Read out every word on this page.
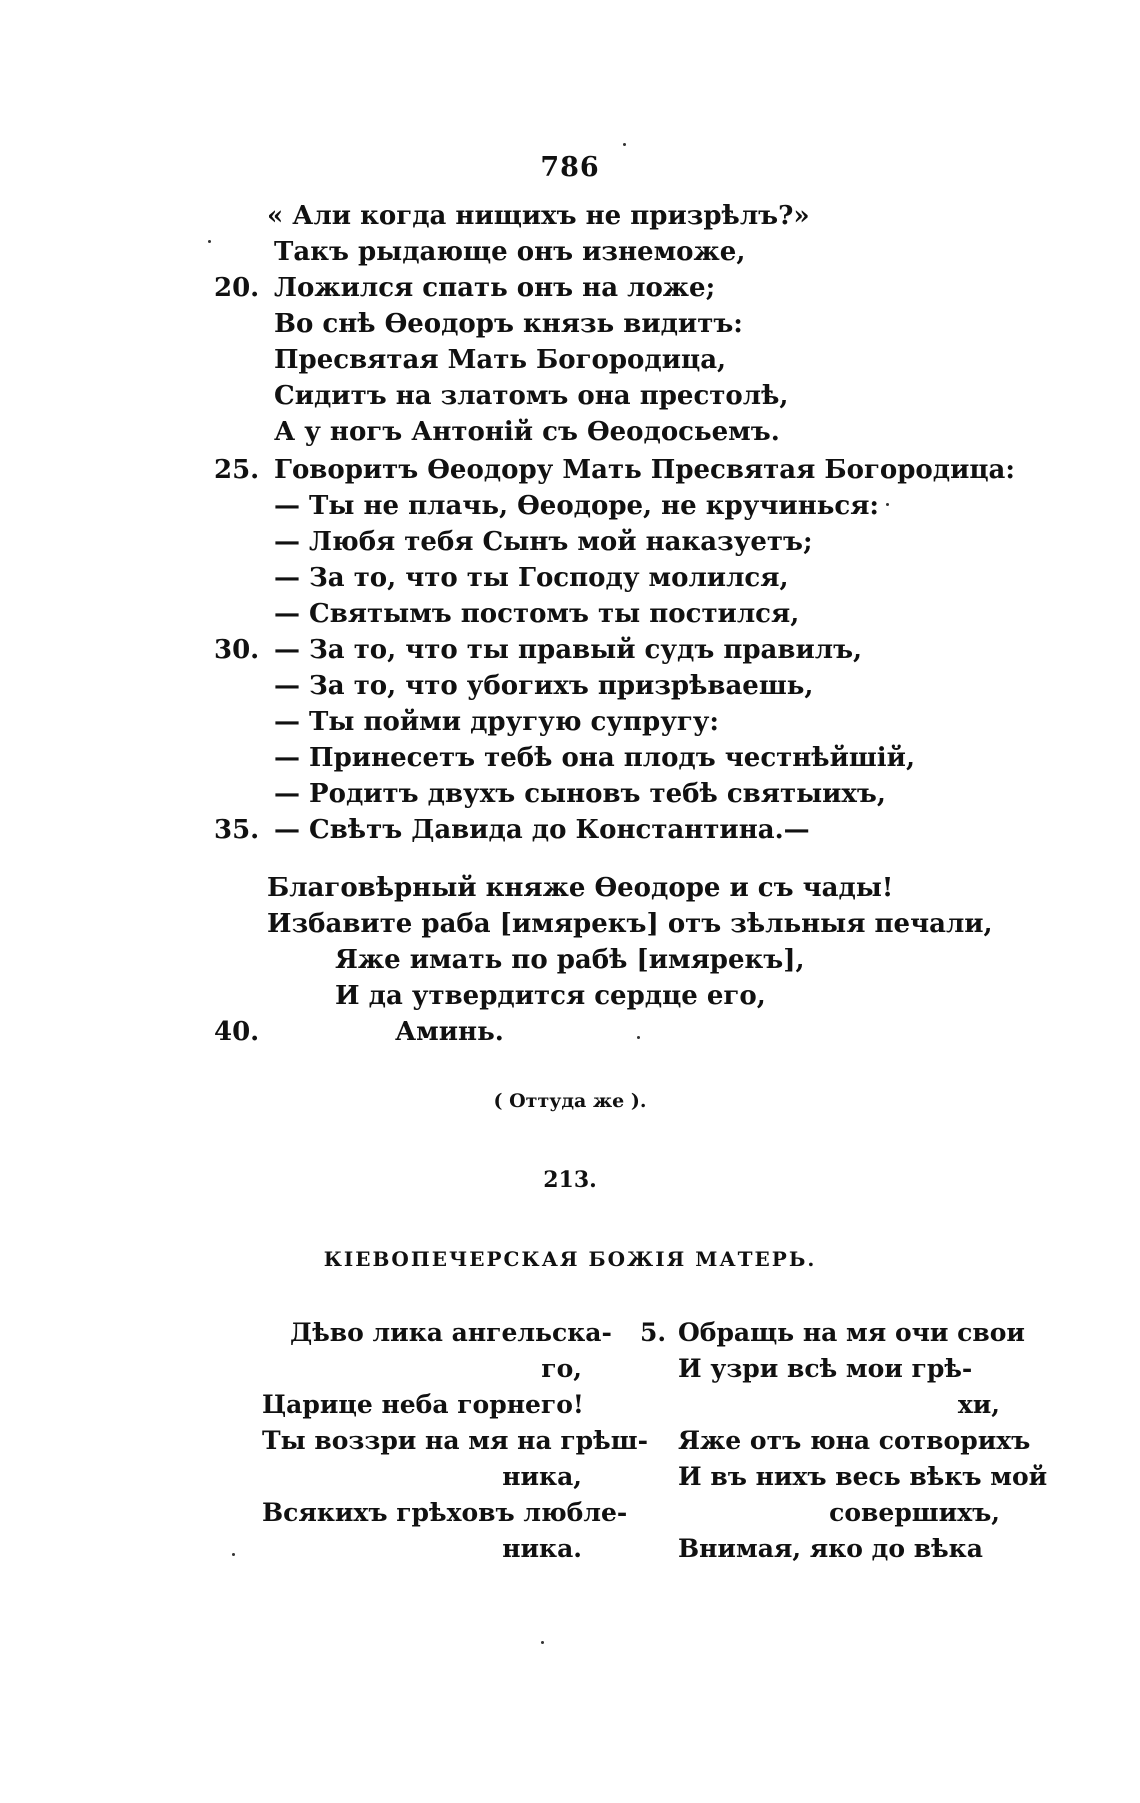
786
« Али когда нищихъ не призрѣлъ?»
Такъ рыдающе онъ изнеможе,
20. Ложился спать онъ на ложе;
Во снѣ Ѳеодоръ князь видитъ:
Пресвятая Мать Богородица,
Сидитъ на златомъ она престолѣ,
А у ногъ Антоній съ Ѳеодосьемъ.
25. Говоритъ Ѳеодору Мать Пресвятая Богородица:
— Ты не плачь, Ѳеодоре, не кручинься:
— Любя тебя Сынъ мой наказуетъ;
— За то, что ты Господу молился,
— Святымъ постомъ ты постился,
30. — За то, что ты правый судъ правилъ,
— За то, что убогихъ призрѣваешь,
— Ты пойми другую супругу:
— Принесетъ тебѣ она плодъ честнѣйшій,
— Родитъ двухъ сыновъ тебѣ святыихъ,
35. — Свѣтъ Давида до Константина.—
Благовѣрный княже Ѳеодоре и съ чады!
Избавите раба [имярекъ] отъ зѣльныя печали,
Яже имать по рабѣ [имярекъ],
И да утвердится сердце его,
40.	Аминь.
( Оттуда же ).
213.
КІЕВОПЕЧЕРСКАЯ БОЖІЯ МАТЕРЬ.
Дѣво лика ангельска-
го,
Царице неба горнего!
Ты воззри на мя на грѣш-
ника,
Всякихъ грѣховъ любле-
ника.
5. Обращь на мя очи свои
И узри всѣ мои грѣ-
хи,
Яже отъ юна сотворихъ
И въ нихъ весь вѣкъ мой
совершихъ,
Внимая, яко до вѣка
